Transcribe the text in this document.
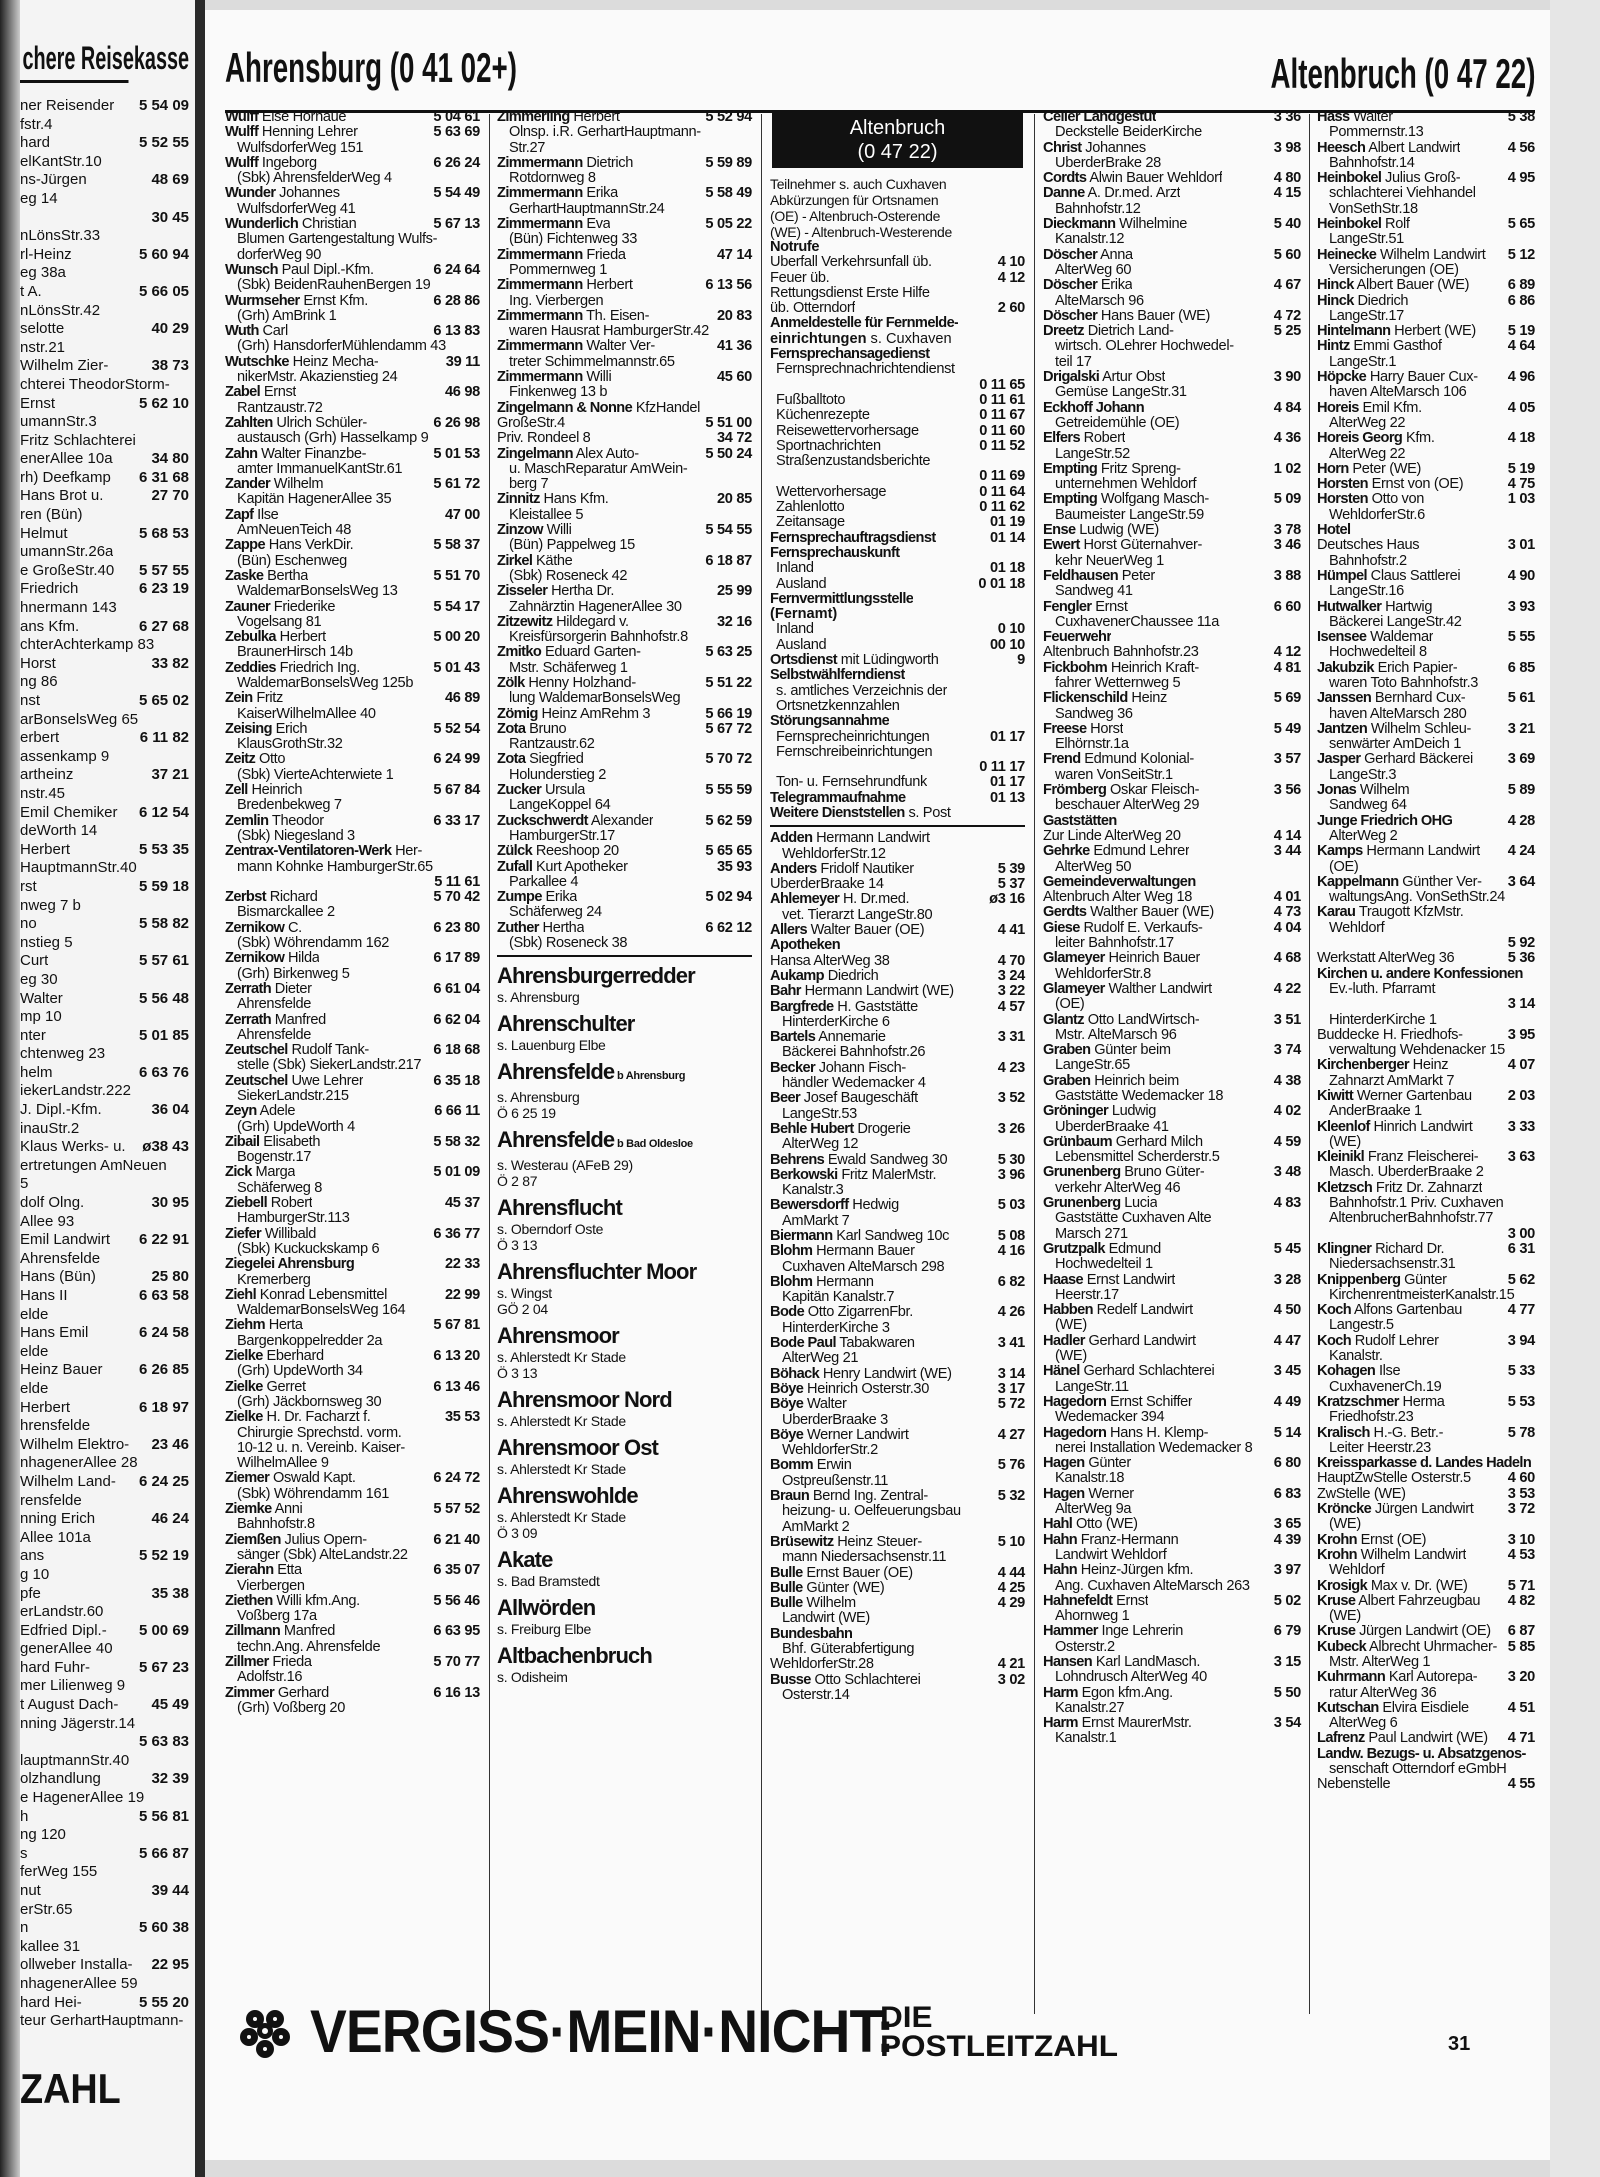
chere Reisekasse
ner Reisender 5 54 09
fstr.4
hard	5 52 55
elKantStr.10
ns-Jürgen	48 69
eg 14
30 45
nLönsStr.33
rl-Heinz	5 60 94
eg 38a
t A.	5 66 05
nLönsStr.42
selotte	40 29
nstr.21
Wilhelm Zier-	38 73
chterei TheodorStorm-
Ernst	5 62 10
umannStr.3
Fritz Schlachterei
enerAllee 10a	34 80
rh) Deefkamp 6 31 68
Hans Brot u.	27 70
ren (Bün)
Helmut	5 68 53
umannStr.26a
e GroßeStr.40 5 57 55
Friedrich	6 23 19
hnermann 143
ans Kfm.	6 27 68
chterAchterkamp 83
Horst	33 82
ng 86
nst	5 65 02
arBonselsWeg 65
erbert	6 11 82
assenkamp 9
artheinz	37 21
nstr.45
Emil Chemiker 6 12 54
deWorth 14
Herbert	5 53 35
HauptmannStr.40
rst	5 59 18
nweg 7 b
no	5 58 82
nstieg 5
Curt	5 57 61
eg 30
Walter	5 56 48
mp 10
nter	5 01 85
chtenweg 23
helm	6 63 76
iekerLandstr.222
J. Dipl.-Kfm.	36 04
inauStr.2
Klaus Werks- u. ø38 43
ertretungen AmNeuen
5
dolf Olng.	30 95
Allee 93
Emil Landwirt 6 22 91
Ahrensfelde
Hans (Bün)	25 80
Hans II	6 63 58
elde
Hans Emil	6 24 58
elde
Heinz Bauer 6 26 85
elde
Herbert	6 18 97
hrensfelde
Wilhelm Elektro- 23 46
nhagenerAllee 28
Wilhelm Land- 6 24 25
rensfelde
nning Erich	46 24
Allee 101a
ans	5 52 19
g 10
pfe	35 38
erLandstr.60
Edfried Dipl.- 5 00 69
generAllee 40
hard Fuhr-	5 67 23
mer Lilienweg 9
t August Dach- 45 49
nning Jägerstr.14
5 63 83
lauptmannStr.40
olzhandlung	32 39
e HagenerAllee 19
h	5 56 81
ng 120
s	5 66 87
ferWeg 155
nut	39 44
erStr.65
n	5 60 38
kallee 31
ollweber Installa- 22 95
nhagenerAllee 59
hard Hei-	5 55 20
teur GerhartHauptmann-
ZAHL
Ahrensburg (0 41 02+)	Altenbruch (0 47 22)
Wulff Else Hornaue	5 04 61
Wulff Henning Lehrer	5 63 69
WulfsdorferWeg 151
Wulff Ingeborg	6 26 24
(Sbk) AhrensfelderWeg 4
Wunder Johannes	5 54 49
WulfsdorferWeg 41
Wunderlich Christian	5 67 13
Blumen Gartengestaltung Wulfs-
dorferWeg 90
Wunsch Paul Dipl.-Kfm.	6 24 64
(Sbk) BeidenRauhenBergen 19
Wurmseher Ernst Kfm.	6 28 86
(Grh) AmBrink 1
Wuth Carl	6 13 83
(Grh) HansdorferMühlendamm 43
Wutschke Heinz Mecha-	39 11
nikerMstr. Akazienstieg 24
Zabel Ernst	46 98
Rantzaustr.72
Zahlten Ulrich Schüler-	6 26 98
austausch (Grh) Hasselkamp 9
Zahn Walter Finanzbe-	5 01 53
amter ImmanuelKantStr.61
Zander Wilhelm	5 61 72
Kapitän HagenerAllee 35
Zapf Ilse	47 00
AmNeuenTeich 48
Zappe Hans VerkDir.	5 58 37
(Bün) Eschenweg
Zaske Bertha	5 51 70
WaldemarBonselsWeg 13
Zauner Friederike	5 54 17
Vogelsang 81
Zebulka Herbert	5 00 20
BraunerHirsch 14b
Zeddies Friedrich Ing.	5 01 43
WaldemarBonselsWeg 125b
Zein Fritz	46 89
KaiserWilhelmAllee 40
Zeising Erich	5 52 54
KlausGrothStr.32
Zeitz Otto	6 24 99
(Sbk) VierteAchterwiete 1
Zell Heinrich	5 67 84
Bredenbekweg 7
Zemlin Theodor	6 33 17
(Sbk) Niegesland 3
Zentrax-Ventilatoren-Werk Her-
mann Kohnke HamburgerStr.65
5 11 61
Zerbst Richard	5 70 42
Bismarckallee 2
Zernikow C.	6 23 80
(Sbk) Wöhrendamm 162
Zernikow Hilda	6 17 89
(Grh) Birkenweg 5
Zerrath Dieter	6 61 04
Ahrensfelde
Zerrath Manfred	6 62 04
Ahrensfelde
Zeutschel Rudolf Tank-	6 18 68
stelle (Sbk) SiekerLandstr.217
Zeutschel Uwe Lehrer	6 35 18
SiekerLandstr.215
Zeyn Adele	6 66 11
(Grh) UpdeWorth 4
Zibail Elisabeth	5 58 32
Bogenstr.17
Zick Marga	5 01 09
Schäferweg 8
Ziebell Robert	45 37
HamburgerStr.113
Ziefer Willibald	6 36 77
(Sbk) Kuckuckskamp 6
Ziegelei Ahrensburg	22 33
Kremerberg
Ziehl Konrad Lebensmittel	22 99
WaldemarBonselsWeg 164
Ziehm Herta	5 67 81
Bargenkoppelredder 2a
Zielke Eberhard	6 13 20
(Grh) UpdeWorth 34
Zielke Gerret	6 13 46
(Grh) Jäckbornsweg 30
Zielke H. Dr. Facharzt f.	35 53
Chirurgie Sprechstd. vorm.
10-12 u. n. Vereinb. Kaiser-
WilhelmAllee 9
Ziemer Oswald Kapt.	6 24 72
(Sbk) Wöhrendamm 161
Ziemke Anni	5 57 52
Bahnhofstr.8
Ziemßen Julius Opern-	6 21 40
sänger (Sbk) AlteLandstr.22
Zierahn Etta	6 35 07
Vierbergen
Ziethen Willi kfm.Ang.	5 56 46
Voßberg 17a
Zillmann Manfred	6 63 95
techn.Ang. Ahrensfelde
Zillmer Frieda	5 70 77
Adolfstr.16
Zimmer Gerhard	6 16 13
(Grh) Voßberg 20
Zimmerling Herbert	5 52 94
Olnsp. i.R. GerhartHauptmann-
Str.27
Zimmermann Dietrich	5 59 89
Rotdornweg 8
Zimmermann Erika	5 58 49
GerhartHauptmannStr.24
Zimmermann Eva	5 05 22
(Bün) Fichtenweg 33
Zimmermann Frieda	47 14
Pommernweg 1
Zimmermann Herbert	6 13 56
Ing. Vierbergen
Zimmermann Th. Eisen-	20 83
waren Hausrat HamburgerStr.42
Zimmermann Walter Ver-	41 36
treter Schimmelmannstr.65
Zimmermann Willi	45 60
Finkenweg 13 b
Zingelmann & Nonne KfzHandel
GroßeStr.4	5 51 00
Priv. Rondeel 8	34 72
Zingelmann Alex Auto-	5 50 24
u. MaschReparatur AmWein-
berg 7
Zinnitz Hans Kfm.	20 85
Kleistallee 5
Zinzow Willi	5 54 55
(Bün) Pappelweg 15
Zirkel Käthe	6 18 87
(Sbk) Roseneck 42
Zisseler Hertha Dr.	25 99
Zahnärztin HagenerAllee 30
Zitzewitz Hildegard v.	32 16
Kreisfürsorgerin Bahnhofstr.8
Zmitko Eduard Garten-	5 63 25
Mstr. Schäferweg 1
Zölk Henny Holzhand-	5 51 22
lung WaldemarBonselsWeg
Zömig Heinz AmRehm 3	5 66 19
Zota Bruno	5 67 72
Rantzaustr.62
Zota Siegfried	5 70 72
Holunderstieg 2
Zucker Ursula	5 55 59
LangeKoppel 64
Zuckschwerdt Alexander	5 62 59
HamburgerStr.17
Zülck Reeshoop 20	5 65 65
Zufall Kurt Apotheker	35 93
Parkallee 4
Zumpe Erika	5 02 94
Schäferweg 24
Zuther Hertha	6 62 12
(Sbk) Roseneck 38
Ahrensburgerredder
s. Ahrensburg
Ahrenschulter
s. Lauenburg Elbe
Ahrensfelde b Ahrensburg
s. Ahrensburg
Ö 6 25 19
Ahrensfelde b Bad Oldesloe
s. Westerau (AFeB 29)
Ö 2 87
Ahrensflucht
s. Oberndorf Oste
Ö 3 13
Ahrensfluchter Moor
s. Wingst
GÖ 2 04
Ahrensmoor
s. Ahlerstedt Kr Stade
Ö 3 13
Ahrensmoor Nord
s. Ahlerstedt Kr Stade
Ahrensmoor Ost
s. Ahlerstedt Kr Stade
Ahrenswohlde
s. Ahlerstedt Kr Stade
Ö 3 09
Akate
s. Bad Bramstedt
Allwörden
s. Freiburg Elbe
Altbachenbruch
s. Odisheim
Altenbruch
(0 47 22)
Teilnehmer s. auch Cuxhaven
Abkürzungen für Ortsnamen
(OE) - Altenbruch-Osterende
(WE) - Altenbruch-Westerende
Notrufe
Überfall Verkehrsunfall üb.	4 10
Feuer üb.	4 12
Rettungsdienst Erste Hilfe
üb. Otterndorf	2 60
Anmeldestelle für Fernmelde-
einrichtungen s. Cuxhaven
Fernsprechansagedienst
Fernsprechnachrichtendienst
0 11 65
Fußballtoto	0 11 61
Küchenrezepte	0 11 67
Reisewettervorhersage	0 11 60
Sportnachrichten	0 11 52
Straßenzustandsberichte
0 11 69
Wettervorhersage	0 11 64
Zahlenlotto	0 11 62
Zeitansage	01 19
Fernsprechauftragsdienst	01 14
Fernsprechauskunft
Inland	01 18
Ausland	0 01 18
Fernvermittlungsstelle
(Fernamt)
Inland	0 10
Ausland	00 10
Ortsdienst mit Lüdingworth	9
Selbstwählferndienst
s. amtliches Verzeichnis der
Ortsnetzkennzahlen
Störungsannahme
Fernsprecheinrichtungen	01 17
Fernschreibeinrichtungen
0 11 17
Ton- u. Fernsehrundfunk	01 17
Telegrammaufnahme	01 13
Weitere Dienststellen s. Post
Adden Hermann Landwirt
WehldorferStr.12
Anders Fridolf Nautiker	5 39
ÜberderBraake 14	5 37
Ahlemeyer H. Dr.med.	ø3 16
vet. Tierarzt LangeStr.80
Allers Walter Bauer (OE)	4 41
Apotheken
Hansa AlterWeg 38	4 70
Aukamp Diedrich	3 24
Bahr Hermann Landwirt (WE)	3 22
Bargfrede H. Gaststätte	4 57
HinterderKirche 6
Bartels Annemarie	3 31
Bäckerei Bahnhofstr.26
Becker Johann Fisch-	4 23
händler Wedemacker 4
Beer Josef Baugeschäft	3 52
LangeStr.53
Behle Hubert Drogerie	3 26
AlterWeg 12
Behrens Ewald Sandweg 30	5 30
Berkowski Fritz MalerMstr.	3 96
Kanalstr.3
Bewersdorff Hedwig	5 03
AmMarkt 7
Biermann Karl Sandweg 10c	5 08
Blohm Hermann Bauer	4 16
Cuxhaven AlteMarsch 298
Blohm Hermann	6 82
Kapitän Kanalstr.7
Bode Otto ZigarrenFbr.	4 26
HinterderKirche 3
Bode Paul Tabakwaren	3 41
AlterWeg 21
Böhack Henry Landwirt (WE)	3 14
Böye Heinrich Osterstr.30	3 17
Böye Walter	5 72
ÜberderBraake 3
Böye Werner Landwirt	4 27
WehldorferStr.2
Bomm Erwin	5 76
Ostpreußenstr.11
Braun Bernd Ing. Zentral-	5 32
heizung- u. Oelfeuerungsbau
AmMarkt 2
Brüsewitz Heinz Steuer-	5 10
mann Niedersachsenstr.11
Bulle Ernst Bauer (OE)	4 44
Bulle Günter (WE)	4 25
Bulle Wilhelm	4 29
Landwirt (WE)
Bundesbahn
Bhf. Güterabfertigung
WehldorferStr.28	4 21
Busse Otto Schlachterei	3 02
Osterstr.14
Celler Landgestüt	3 36
Deckstelle BeiderKirche
Christ Johannes	3 98
ÜberderBrake 28
Cordts Alwin Bauer Wehldorf	4 80
Danne A. Dr.med. Arzt	4 15
Bahnhofstr.12
Dieckmann Wilhelmine	5 40
Kanalstr.12
Döscher Anna	5 60
AlterWeg 60
Döscher Erika	4 67
AlteMarsch 96
Döscher Hans Bauer (WE)	4 72
Dreetz Dietrich Land-	5 25
wirtsch. OLehrer Hochwedel-
teil 17
Drigalski Artur Obst	3 90
Gemüse LangeStr.31
Eckhoff Johann	4 84
Getreidemühle (OE)
Elfers Robert	4 36
LangeStr.52
Empting Fritz Spreng-	1 02
unternehmen Wehldorf
Empting Wolfgang Masch-	5 09
Baumeister LangeStr.59
Ense Ludwig (WE)	3 78
Ewert Horst Güternahver-	3 46
kehr NeuerWeg 1
Feldhausen Peter	3 88
Sandweg 41
Fengler Ernst	6 60
CuxhavenerChaussee 11a
Feuerwehr
Altenbruch Bahnhofstr.23	4 12
Fickbohm Heinrich Kraft-	4 81
fahrer Wetternweg 5
Flickenschild Heinz	5 69
Sandweg 36
Freese Horst	5 49
Elhörnstr.1a
Frend Edmund Kolonial-	3 57
waren VonSeitStr.1
Frömberg Oskar Fleisch-	3 56
beschauer AlterWeg 29
Gaststätten
Zur Linde AlterWeg 20	4 14
Gehrke Edmund Lehrer	3 44
AlterWeg 50
Gemeindeverwaltungen
Altenbruch Alter Weg 18	4 01
Gerdts Walther Bauer (WE)	4 73
Giese Rudolf E. Verkaufs-	4 04
leiter Bahnhofstr.17
Glameyer Heinrich Bauer	4 68
WehldorferStr.8
Glameyer Walther Landwirt	4 22
(OE)
Glantz Otto LandWirtsch-	3 51
Mstr. AlteMarsch 96
Graben Günter beim	3 74
LangeStr.65
Graben Heinrich beim	4 38
Gaststätte Wedemacker 18
Gröninger Ludwig	4 02
ÜberderBraake 41
Grünbaum Gerhard Milch	4 59
Lebensmittel Scherderstr.5
Grunenberg Bruno Güter-	3 48
verkehr AlterWeg 46
Grunenberg Lucia	4 83
Gaststätte Cuxhaven Alte
Marsch 271
Grutzpalk Edmund	5 45
Hochwedelteil 1
Haase Ernst Landwirt	3 28
Heerstr.17
Habben Redelf Landwirt	4 50
(WE)
Hadler Gerhard Landwirt	4 47
(WE)
Hänel Gerhard Schlachterei	3 45
LangeStr.11
Hagedorn Ernst Schiffer	4 49
Wedemacker 394
Hagedorn Hans H. Klemp-	5 14
nerei Installation Wedemacker 8
Hagen Günter	6 80
Kanalstr.18
Hagen Werner	6 83
AlterWeg 9a
Hahl Otto (WE)	3 65
Hahn Franz-Hermann	4 39
Landwirt Wehldorf
Hahn Heinz-Jürgen kfm.	3 97
Ang. Cuxhaven AlteMarsch 263
Hahnefeldt Ernst	5 02
Ahornweg 1
Hammer Inge Lehrerin	6 79
Osterstr.2
Hansen Karl LandMasch.	3 15
Lohndrusch AlterWeg 40
Harm Egon kfm.Ang.	5 50
Kanalstr.27
Harm Ernst MaurerMstr.	3 54
Kanalstr.1
Hass Walter	5 38
Pommernstr.13
Heesch Albert Landwirt	4 56
Bahnhofstr.14
Heinbokel Julius Groß-	4 95
schlachterei Viehhandel
VonSethStr.18
Heinbokel Rolf	5 65
LangeStr.51
Heinecke Wilhelm Landwirt 5 12
Versicherungen (OE)
Hinck Albert Bauer (WE)	6 89
Hinck Diedrich	6 86
LangeStr.17
Hintelmann Herbert (WE) 5 19
Hintz Emmi Gasthof	4 64
LangeStr.1
Höpcke Harry Bauer Cux- 4 96
haven AlteMarsch 106
Horeis Emil Kfm.	4 05
AlterWeg 22
Horeis Georg Kfm.	4 18
AlterWeg 22
Horn Peter (WE)	5 19
Horsten Ernst von (OE)	4 75
Horsten Otto von	1 03
WehldorferStr.6
Hotel
Deutsches Haus	3 01
Bahnhofstr.2
Hümpel Claus Sattlerei	4 90
LangeStr.16
Hutwalker Hartwig	3 93
Bäckerei LangeStr.42
Isensee Waldemar	5 55
Hochwedelteil 8
Jakubzik Erich Papier-	6 85
waren Toto Bahnhofstr.3
Janssen Bernhard Cux-	5 61
haven AlteMarsch 280
Jantzen Wilhelm Schleu-	3 21
senwärter AmDeich 1
Jasper Gerhard Bäckerei 3 69
LangeStr.3
Jonas Wilhelm	5 89
Sandweg 64
Junge Friedrich OHG	4 28
AlterWeg 2
Kamps Hermann Landwirt 4 24
(OE)
Kappelmann Günther Ver- 3 64
waltungsAng. VonSethStr.24
Karau Traugott KfzMstr.
Wehldorf
5 92
Werkstatt AlterWeg 36	5 36
Kirchen u. andere Konfessionen
Ev.-luth. Pfarramt
3 14
HinterderKirche 1
Buddecke H. Friedhofs-	3 95
verwaltung Wehdenacker 15
Kirchenberger Heinz	4 07
Zahnarzt AmMarkt 7
Kiwitt Werner Gartenbau 2 03
AnderBraake 1
Kleenlof Hinrich Landwirt 3 33
(WE)
Kleinikl Franz Fleischerei- 3 63
Masch. ÜberderBraake 2
Kletzsch Fritz Dr. Zahnarzt
Bahnhofstr.1 Priv. Cuxhaven
AltenbrucherBahnhofstr.77
3 00
Klingner Richard Dr.	6 31
Niedersachsenstr.31
Knippenberg Günter	5 62
KirchenrentmeisterKanalstr.15
Koch Alfons Gartenbau	4 77
Langestr.5
Koch Rudolf Lehrer	3 94
Kanalstr.
Kohagen Ilse	5 33
CuxhavenerCh.19
Kratzschmer Herma	5 53
Friedhofstr.23
Kralisch H.-G. Betr.-	5 78
Leiter Heerstr.23
Kreissparkasse d. Landes Hadeln
HauptZwStelle Osterstr.5	4 60
ZwStelle (WE)	3 53
Kröncke Jürgen Landwirt 3 72
(WE)
Krohn Ernst (OE)	3 10
Krohn Wilhelm Landwirt	4 53
Wehldorf
Krosigk Max v. Dr. (WE)	5 71
Kruse Albert Fahrzeugbau 4 82
(WE)
Kruse Jürgen Landwirt (OE) 6 87
Kubeck Albrecht Uhrmacher- 5 85
Mstr. AlterWeg 1
Kuhrmann Karl Autorepa- 3 20
ratur AlterWeg 36
Kutschan Elvira Eisdiele	4 51
AlterWeg 6
Lafrenz Paul Landwirt (WE) 4 71
Landw. Bezugs- u. Absatzgenos-
senschaft Otterndorf eGmbH
Nebenstelle	4 55
VERGISS·MEIN·NICHT:
DIE
POSTLEITZAHL	31
